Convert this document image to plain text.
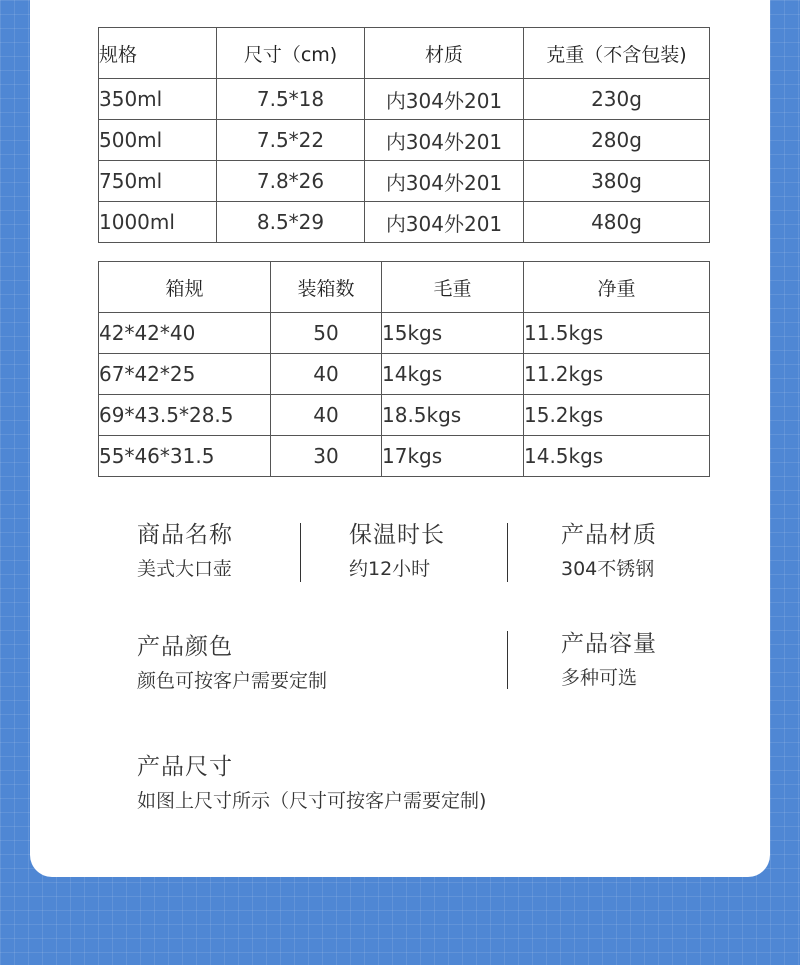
规格	尺寸（cm)	材质	克重（不含包装)
350ml	7.5*18	内304外201	230g
500ml	7.5*22	内304外201	280g
750ml	7.8*26	内304外201	380g
1000ml	8.5*29	内304外201	480g
箱规	装箱数	毛重	净重
42*42*40	50	15kgs	11.5kgs
67*42*25	40	14kgs	11.2kgs
69*43.5*28.5	40	18.5kgs	15.2kgs
55*46*31.5	30	17kgs	14.5kgs
商品名称
美式大口壶
保温时长
约12小时
产品材质
304不锈钢
产品颜色
颜色可按客户需要定制
产品容量
多种可选
产品尺寸
如图上尺寸所示（尺寸可按客户需要定制)
